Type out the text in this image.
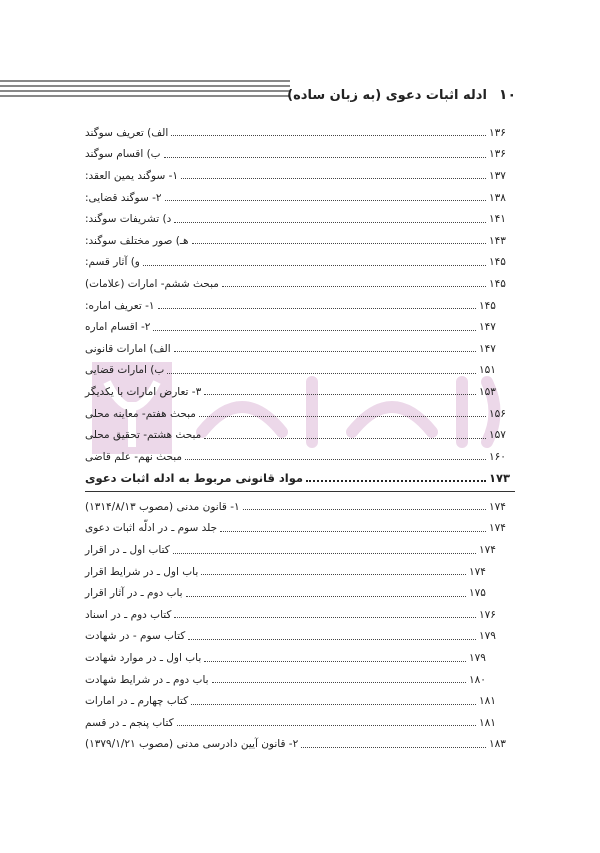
۱۰
ادله اثبات دعوی (به زبان ساده)
الف) تعریف سوگند	۱۳۶
ب) اقسام سوگند	۱۳۶
۱- سوگند یمین العقد:	۱۳۷
۲- سوگند قضایی:	۱۳۸
د) تشریفات سوگند:	۱۴۱
هـ) صور مختلف سوگند:	۱۴۳
و) آثار قسم:	۱۴۵
مبحث ششم- امارات (علامات)	۱۴۵
۱- تعریف اماره:	۱۴۵
۲- اقسام اماره	۱۴۷
الف) امارات قانونی	۱۴۷
ب) امارات قضایی	۱۵۱
۳- تعارض امارات با یکدیگر	۱۵۳
مبحث هفتم- معاینه محلی	۱۵۶
مبحث هشتم- تحقیق محلی	۱۵۷
مبحث نهم- علم قاضی	۱۶۰
مواد قانونی مربوط به ادله اثبات دعوی	۱۷۳
۱- قانون مدنی (مصوب ۱۳۱۴/۸/۱۳)	۱۷۴
جلد سوم ـ در ادلّه اثبات دعوی	۱۷۴
کتاب اول ـ در اقرار	۱۷۴
باب اول ـ در شرایط اقرار	۱۷۴
باب دوم ـ در آثار اقرار	۱۷۵
کتاب دوم ـ در اسناد	۱۷۶
کتاب سوم - در شهادت	۱۷۹
باب اول ـ در موارد شهادت	۱۷۹
باب دوم ـ در شرایط شهادت	۱۸۰
کتاب چهارم ـ در امارات	۱۸۱
کتاب پنجم ـ در قسم	۱۸۱
۲- قانون آیین دادرسی مدنی (مصوب ۱۳۷۹/۱/۲۱)	۱۸۳
